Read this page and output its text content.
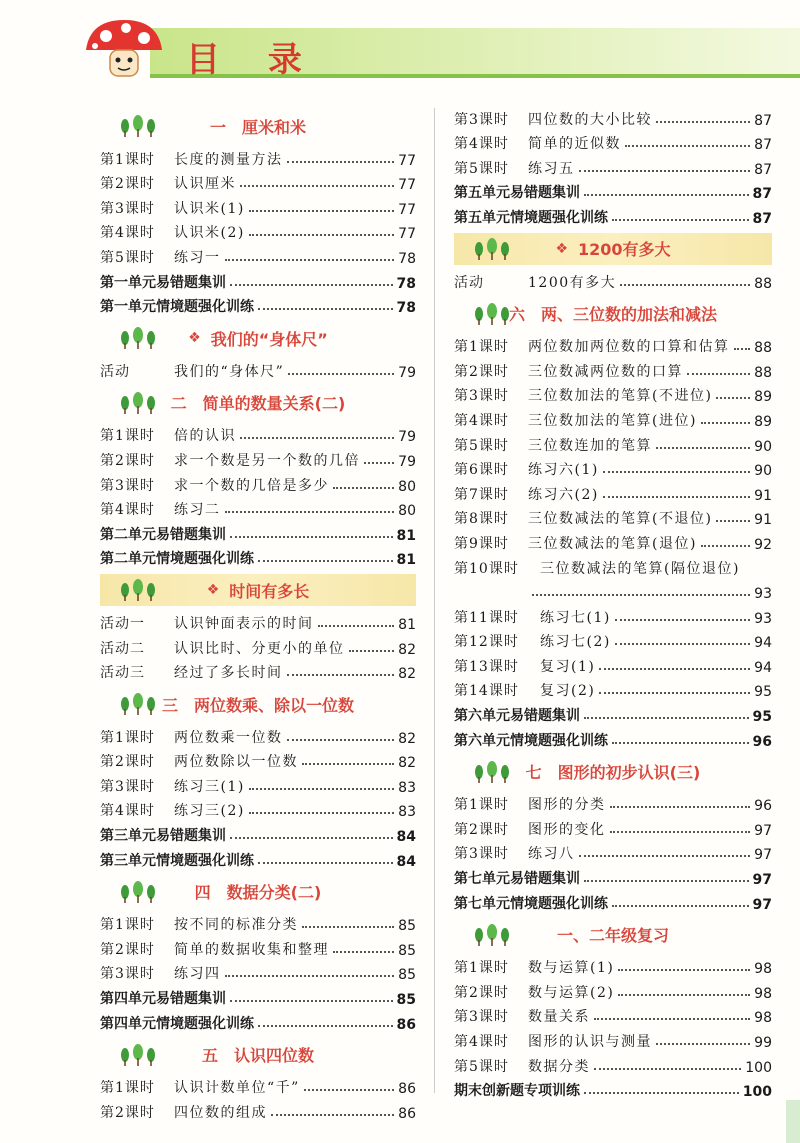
目 录
一　厘米和米
第1课时	长度的测量方法	77
第2课时	认识厘米	77
第3课时	认识米(1)	77
第4课时	认识米(2)	77
第5课时	练习一	78
第一单元易错题集训	78
第一单元情境题强化训练	78
❖ 我们的“身体尺”
活动	我们的“身体尺”	79
二　简单的数量关系(二)
第1课时	倍的认识	79
第2课时	求一个数是另一个数的几倍	79
第3课时	求一个数的几倍是多少	80
第4课时	练习二	80
第二单元易错题集训	81
第二单元情境题强化训练	81
❖ 时间有多长
活动一	认识钟面表示的时间	81
活动二	认识比时、分更小的单位	82
活动三	经过了多长时间	82
三　两位数乘、除以一位数
第1课时	两位数乘一位数	82
第2课时	两位数除以一位数	82
第3课时	练习三(1)	83
第4课时	练习三(2)	83
第三单元易错题集训	84
第三单元情境题强化训练	84
四　数据分类(二)
第1课时	按不同的标准分类	85
第2课时	简单的数据收集和整理	85
第3课时	练习四	85
第四单元易错题集训	85
第四单元情境题强化训练	86
五　认识四位数
第1课时	认识计数单位“千”	86
第2课时	四位数的组成	86
第3课时	四位数的大小比较	87
第4课时	简单的近似数	87
第5课时	练习五	87
第五单元易错题集训	87
第五单元情境题强化训练	87
❖ 1200有多大
活动	1200有多大	88
六　两、三位数的加法和减法
第1课时	两位数加两位数的口算和估算 88
第2课时	三位数减两位数的口算	88
第3课时	三位数加法的笔算(不进位)	89
第4课时	三位数加法的笔算(进位)	89
第5课时	三位数连加的笔算	90
第6课时	练习六(1)	90
第7课时	练习六(2)	91
第8课时	三位数减法的笔算(不退位)	91
第9课时	三位数减法的笔算(退位)	92
第10课时	三位数减法的笔算(隔位退位)
93
第11课时	练习七(1)	93
第12课时	练习七(2)	94
第13课时	复习(1)	94
第14课时	复习(2)	95
第六单元易错题集训	95
第六单元情境题强化训练	96
七　图形的初步认识(三)
第1课时	图形的分类	96
第2课时	图形的变化	97
第3课时	练习八	97
第七单元易错题集训	97
第七单元情境题强化训练	97
一、二年级复习
第1课时	数与运算(1)	98
第2课时	数与运算(2)	98
第3课时	数量关系	98
第4课时	图形的认识与测量	99
第5课时	数据分类	100
期末创新题专项训练	100
